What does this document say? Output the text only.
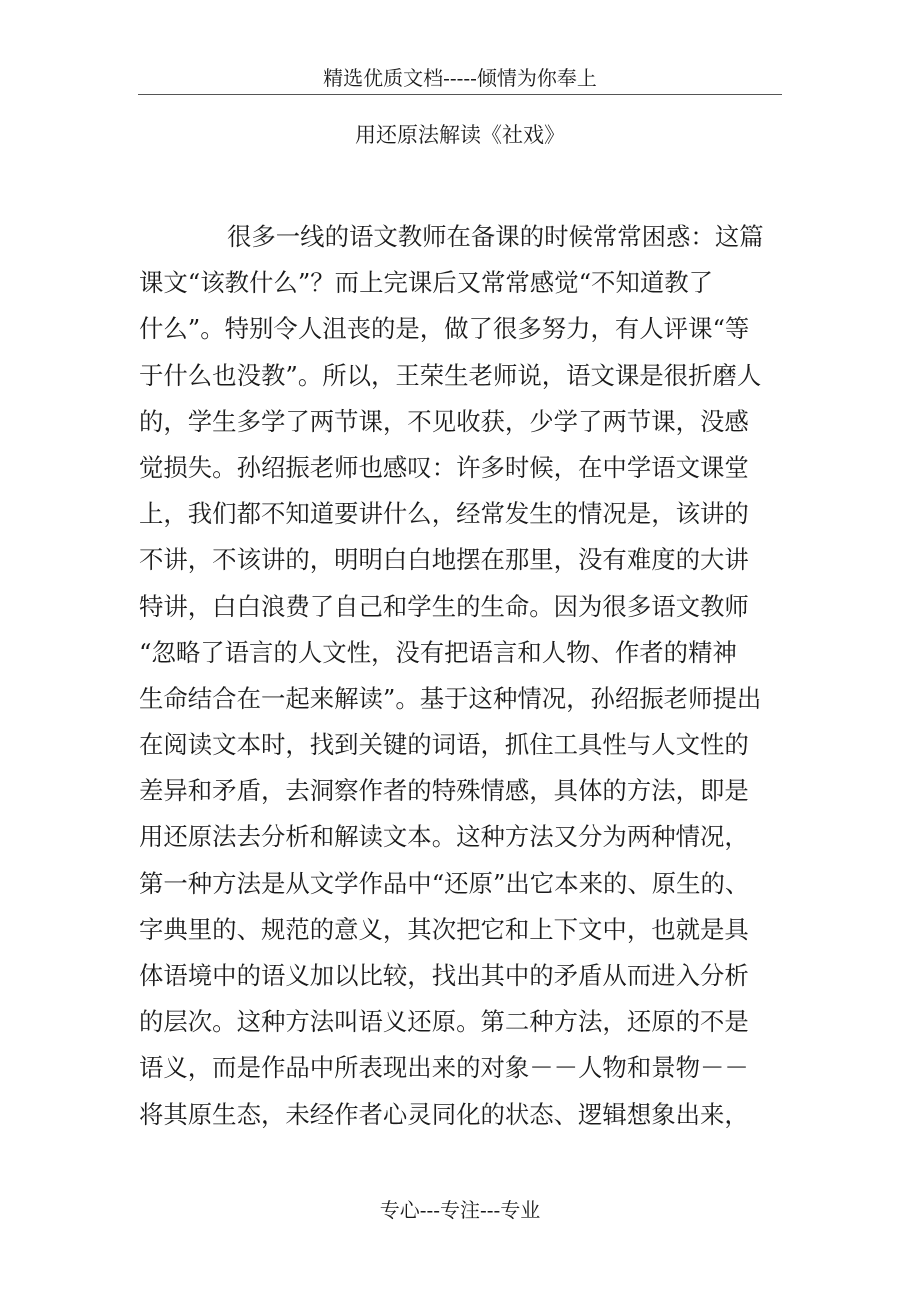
精选优质文档-----倾情为你奉上
用还原法解读《社戏》
很多一线的语文教师在备课的时候常常困惑：这篇
课文“该教什么”？而上完课后又常常感觉“不知道教了
什么”。特别令人沮丧的是，做了很多努力，有人评课“等
于什么也没教”。所以，王荣生老师说，语文课是很折磨人
的，学生多学了两节课，不见收获，少学了两节课，没感
觉损失。孙绍振老师也感叹：许多时候，在中学语文课堂
上，我们都不知道要讲什么，经常发生的情况是，该讲的
不讲，不该讲的，明明白白地摆在那里，没有难度的大讲
特讲，白白浪费了自己和学生的生命。因为很多语文教师
“忽略了语言的人文性，没有把语言和人物、作者的精神
生命结合在一起来解读”。基于这种情况，孙绍振老师提出
在阅读文本时，找到关键的词语，抓住工具性与人文性的
差异和矛盾，去洞察作者的特殊情感，具体的方法，即是
用还原法去分析和解读文本。这种方法又分为两种情况，
第一种方法是从文学作品中“还原”出它本来的、原生的、
字典里的、规范的意义，其次把它和上下文中，也就是具
体语境中的语义加以比较，找出其中的矛盾从而进入分析
的层次。这种方法叫语义还原。第二种方法，还原的不是
语义，而是作品中所表现出来的对象－－人物和景物－－
将其原生态，未经作者心灵同化的状态、逻辑想象出来，
专心---专注---专业
